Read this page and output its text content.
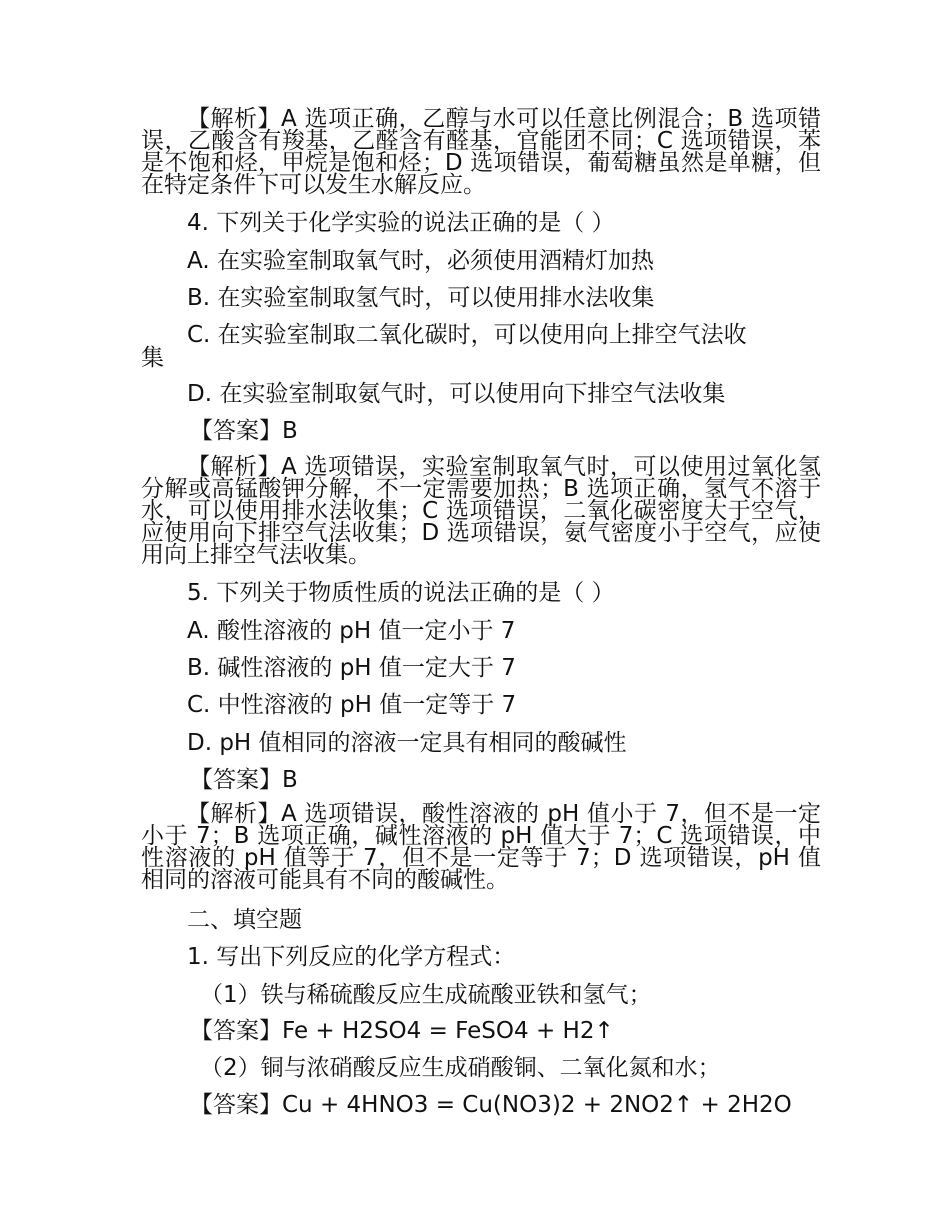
【解析】A 选项正确，乙醇与水可以任意比例混合；B 选项错误，乙酸含有羧基，乙醛含有醛基，官能团不同；C 选项错误，苯是不饱和烃，甲烷是饱和烃；D 选项错误，葡萄糖虽然是单糖，但在特定条件下可以发生水解反应。
4. 下列关于化学实验的说法正确的是（ ）
A. 在实验室制取氧气时，必须使用酒精灯加热
B. 在实验室制取氢气时，可以使用排水法收集
C. 在实验室制取二氧化碳时，可以使用向上排空气法收
集
D. 在实验室制取氨气时，可以使用向下排空气法收集
【答案】B
【解析】A 选项错误，实验室制取氧气时，可以使用过氧化氢分解或高锰酸钾分解，不一定需要加热；B 选项正确，氢气不溶于水，可以使用排水法收集；C 选项错误，二氧化碳密度大于空气，应使用向下排空气法收集；D 选项错误，氨气密度小于空气，应使用向上排空气法收集。
5. 下列关于物质性质的说法正确的是（ ）
A. 酸性溶液的 pH 值一定小于 7
B. 碱性溶液的 pH 值一定大于 7
C. 中性溶液的 pH 值一定等于 7
D. pH 值相同的溶液一定具有相同的酸碱性
【答案】B
【解析】A 选项错误，酸性溶液的 pH 值小于 7，但不是一定小于 7；B 选项正确，碱性溶液的 pH 值大于 7；C 选项错误，中性溶液的 pH 值等于 7，但不是一定等于 7；D 选项错误，pH 值相同的溶液可能具有不同的酸碱性。
二、填空题
1. 写出下列反应的化学方程式：
（1）铁与稀硫酸反应生成硫酸亚铁和氢气；
【答案】Fe + H2SO4 = FeSO4 + H2↑
（2）铜与浓硝酸反应生成硝酸铜、二氧化氮和水；
【答案】Cu + 4HNO3 = Cu(NO3)2 + 2NO2↑ + 2H2O
